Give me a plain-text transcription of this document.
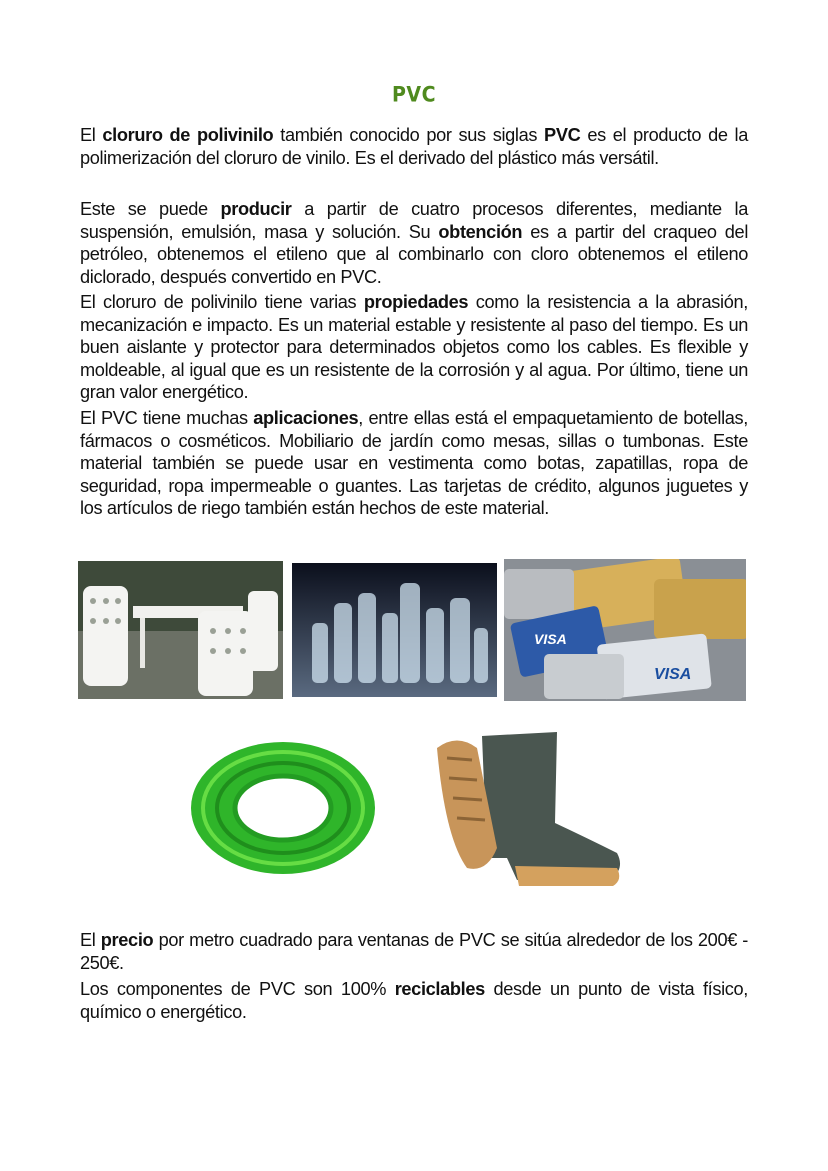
PVC

El cloruro de polivinilo también conocido por sus siglas PVC es el producto de la polimerización del cloruro de vinilo. Es el derivado del plástico más versátil.

Este se puede producir a partir de cuatro procesos diferentes, mediante la suspensión, emulsión, masa y solución. Su obtención es a partir del craqueo del petróleo, obtenemos el etileno que al combinarlo con cloro obtenemos el etileno diclorado, después convertido en PVC.

El cloruro de polivinilo tiene varias propiedades como la resistencia a la abrasión, mecanización e impacto. Es un material estable y resistente al paso del tiempo. Es un buen aislante y protector para determinados objetos como los cables. Es flexible y moldeable, al igual que es un resistente de la corrosión y al agua. Por último, tiene un gran valor energético.

El PVC tiene muchas aplicaciones, entre ellas está el empaquetamiento de botellas, fármacos o cosméticos. Mobiliario de jardín como mesas, sillas o tumbonas. Este material también se puede usar en vestimenta como botas, zapatillas, ropa de seguridad, ropa impermeable o guantes. Las tarjetas de crédito, algunos juguetes y los artículos de riego también están hechos de este material.

VISA
VISA

El precio por metro cuadrado para ventanas de PVC se sitúa alrededor de los 200€ - 250€.

Los componentes de PVC son 100% reciclables desde un punto de vista físico, químico o energético.
